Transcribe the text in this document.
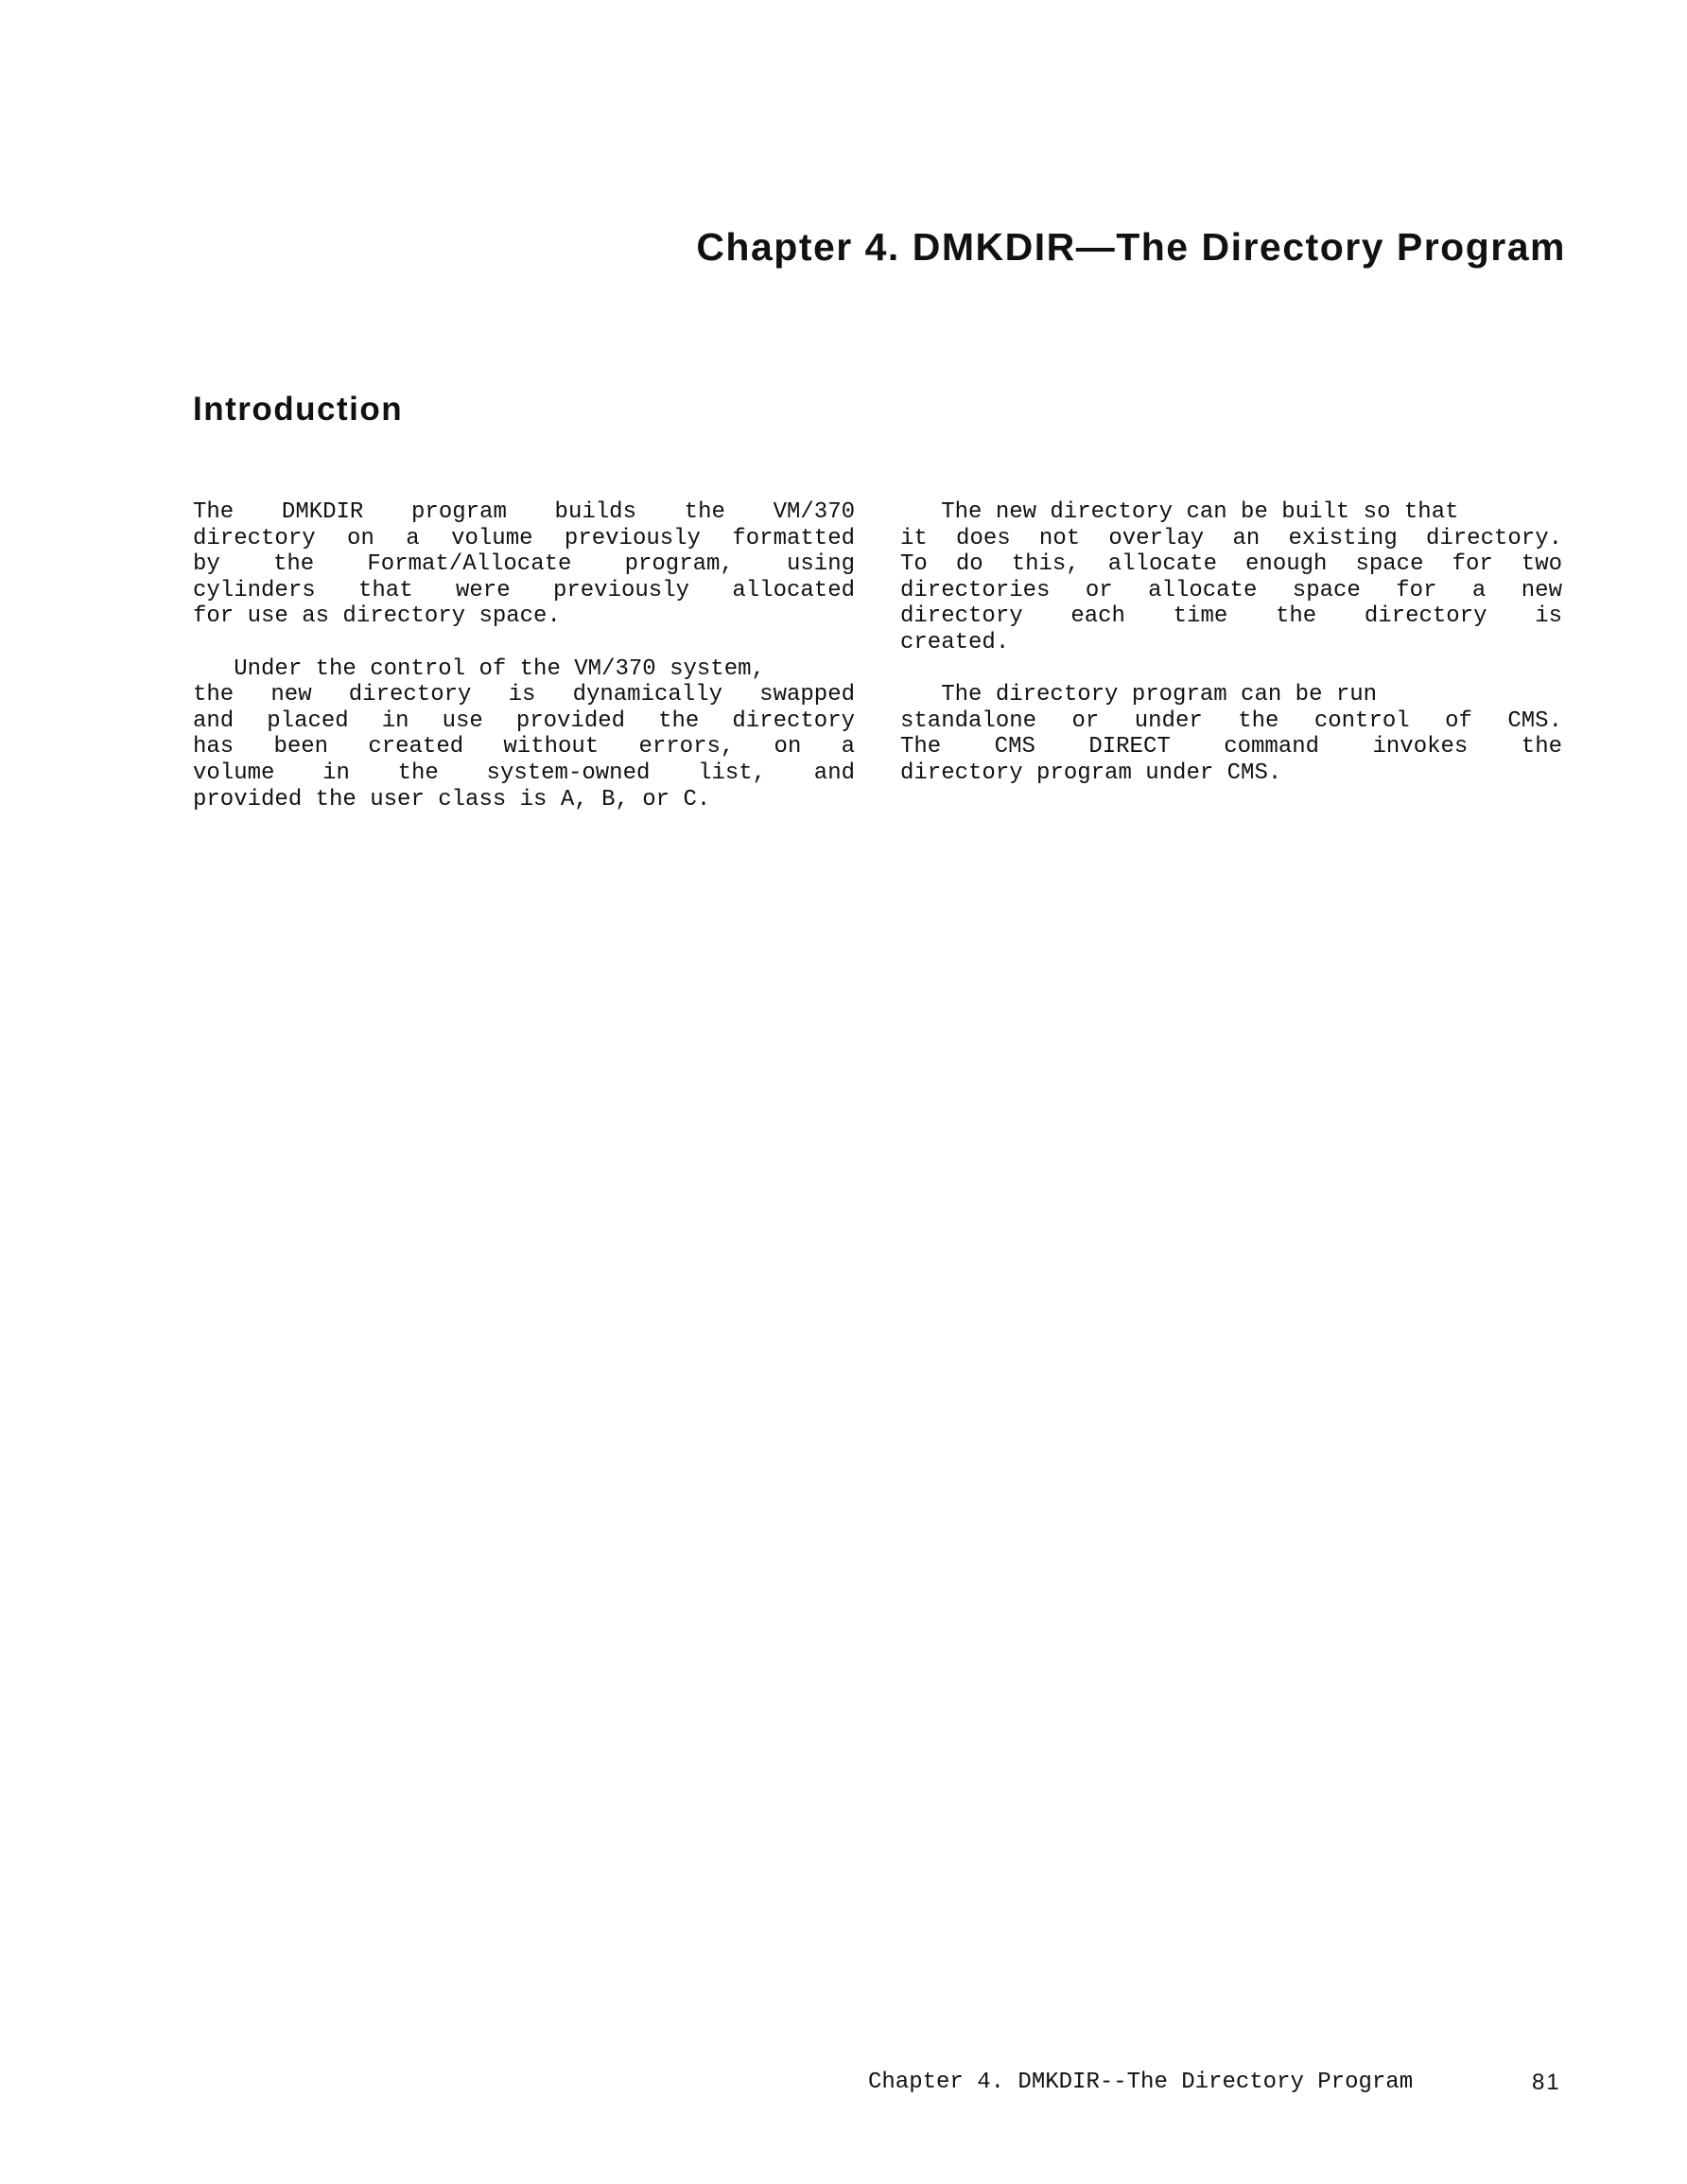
Chapter 4. DMKDIR—The Directory Program
Introduction
The DMKDIR program builds the VM/370
directory on a volume previously formatted
by the Format/Allocate program, using
cylinders that were previously allocated
for use as directory space.
Under the control of the VM/370 system,
the new directory is dynamically swapped
and placed in use provided the directory
has been created without errors, on a
volume in the system-owned list, and
provided the user class is A, B, or C.
The new directory can be built so that
it does not overlay an existing directory.
To do this, allocate enough space for two
directories or allocate space for a new
directory each time the directory is
created.
The directory program can be run
standalone or under the control of CMS.
The CMS DIRECT command invokes the
directory program under CMS.
Chapter 4. DMKDIR--The Directory Program	81
